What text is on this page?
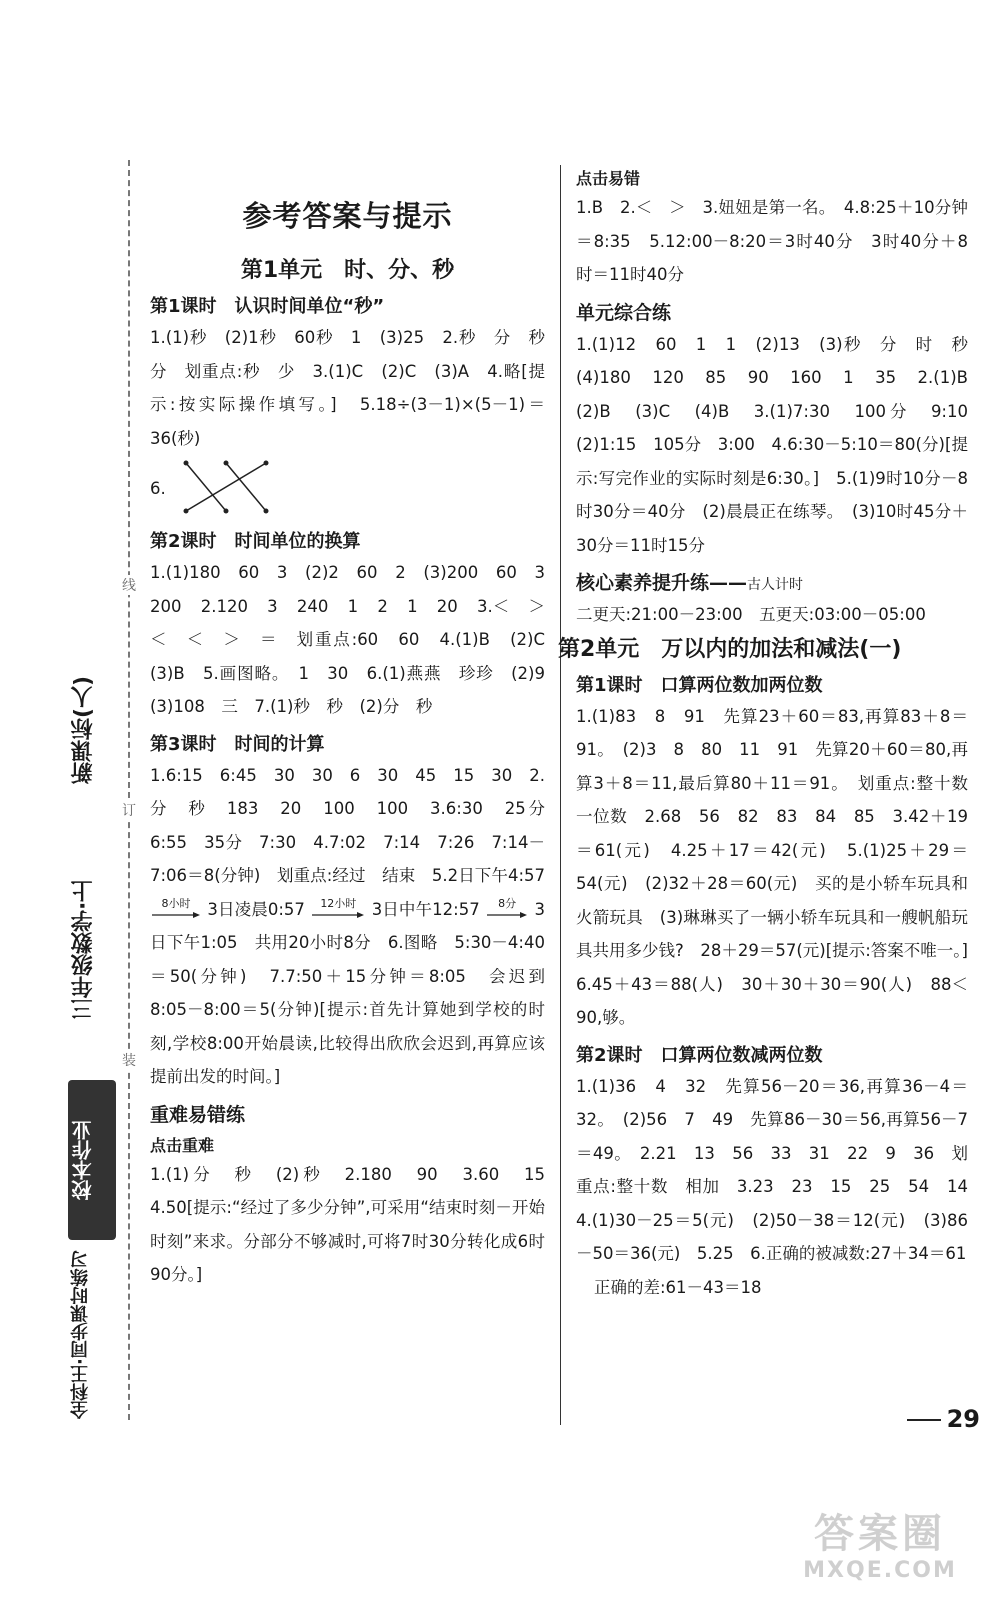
全科王·同步课时练习
校本作业
三年级数学·上
新课标(人)
线
订
装
参考答案与提示
第1单元　时、分、秒
第1课时　认识时间单位“秒”

1.(1)秒　(2)1秒　60秒　1　(3)25　2.秒　分　秒　分　划重点:秒　少　3.(1)C　(2)C　(3)A　4.略[提示:按实际操作填写。]　5.18÷(3－1)×(5－1)＝36(秒)

6.
第2课时　时间单位的换算

1.(1)180　60　3　(2)2　60　2　(3)200　60　3　200　2.120　3　240　1　2　1　20　3.＜　＞　＜　＜　＞　＝　划重点:60　60　4.(1)B　(2)C　(3)B　5.画图略。　1　30　6.(1)燕燕　珍珍　(2)9　(3)108　三　7.(1)秒　秒　(2)分　秒

第3课时　时间的计算

1.6:15　6:45　30　30　6　30　45　15　30　2.分　秒　183　20　100　100　3.6:30　25分　6:55　35分　7:30　4.7:02　7:14　7:26　7:14－7:06＝8(分钟)　划重点:经过　结束　5.2日下午4:57 8小时 3日凌晨0:57 12小时 3日中午12:57 8分 3日下午1:05　共用20小时8分　6.图略　5:30－4:40＝50(分钟)　7.7:50＋15分钟＝8:05　会迟到　8:05－8:00＝5(分钟)[提示:首先计算她到学校的时刻,学校8:00开始晨读,比较得出欣欣会迟到,再算应该提前出发的时间。]

重难易错练
点击重难

1.(1)分　秒　(2)秒　2.180　90　3.60　15　4.50[提示:“经过了多少分钟”,可采用“结束时刻－开始时刻”来求。分部分不够减时,可将7时30分转化成6时90分。]

点击易错

1.B　2.＜　＞　3.妞妞是第一名。　4.8:25＋10分钟＝8:35　5.12:00－8:20＝3时40分　3时40分＋8时＝11时40分

单元综合练

1.(1)12　60　1　1　(2)13　(3)秒　分　时　秒　(4)180　120　85　90　160　1　35　2.(1)B　(2)B　(3)C　(4)B　3.(1)7:30　100分　9:10　(2)1:15　105分　3:00　4.6:30－5:10＝80(分)[提示:写完作业的实际时刻是6:30。]　5.(1)9时10分－8时30分＝40分　(2)晨晨正在练琴。　(3)10时45分＋30分＝11时15分

核心素养提升练——古人计时

二更天:21:00－23:00　五更天:03:00－05:00

第2单元　万以内的加法和减法(一)
第1课时　口算两位数加两位数

1.(1)83　8　91　先算23＋60＝83,再算83＋8＝91。　(2)3　8　80　11　91　先算20＋60＝80,再算3＋8＝11,最后算80＋11＝91。　划重点:整十数　一位数　2.68　56　82　83　84　85　3.42＋19＝61(元)　4.25＋17＝42(元)　5.(1)25＋29＝54(元)　(2)32＋28＝60(元)　买的是小轿车玩具和火箭玩具　(3)琳琳买了一辆小轿车玩具和一艘帆船玩具共用多少钱?　28＋29＝57(元)[提示:答案不唯一。]　6.45＋43＝88(人)　30＋30＋30＝90(人)　88＜90,够。

第2课时　口算两位数减两位数

1.(1)36　4　32　先算56－20＝36,再算36－4＝32。　(2)56　7　49　先算86－30＝56,再算56－7＝49。　2.21　13　56　33　31　22　9　36　划重点:整十数　相加　3.23　23　15　25　54　14　4.(1)30－25＝5(元)　(2)50－38＝12(元)　(3)86－50＝36(元)　5.25　6.正确的被减数:27＋34＝61

正确的差:61－43＝18

29
答案圈
MXQE.COM
